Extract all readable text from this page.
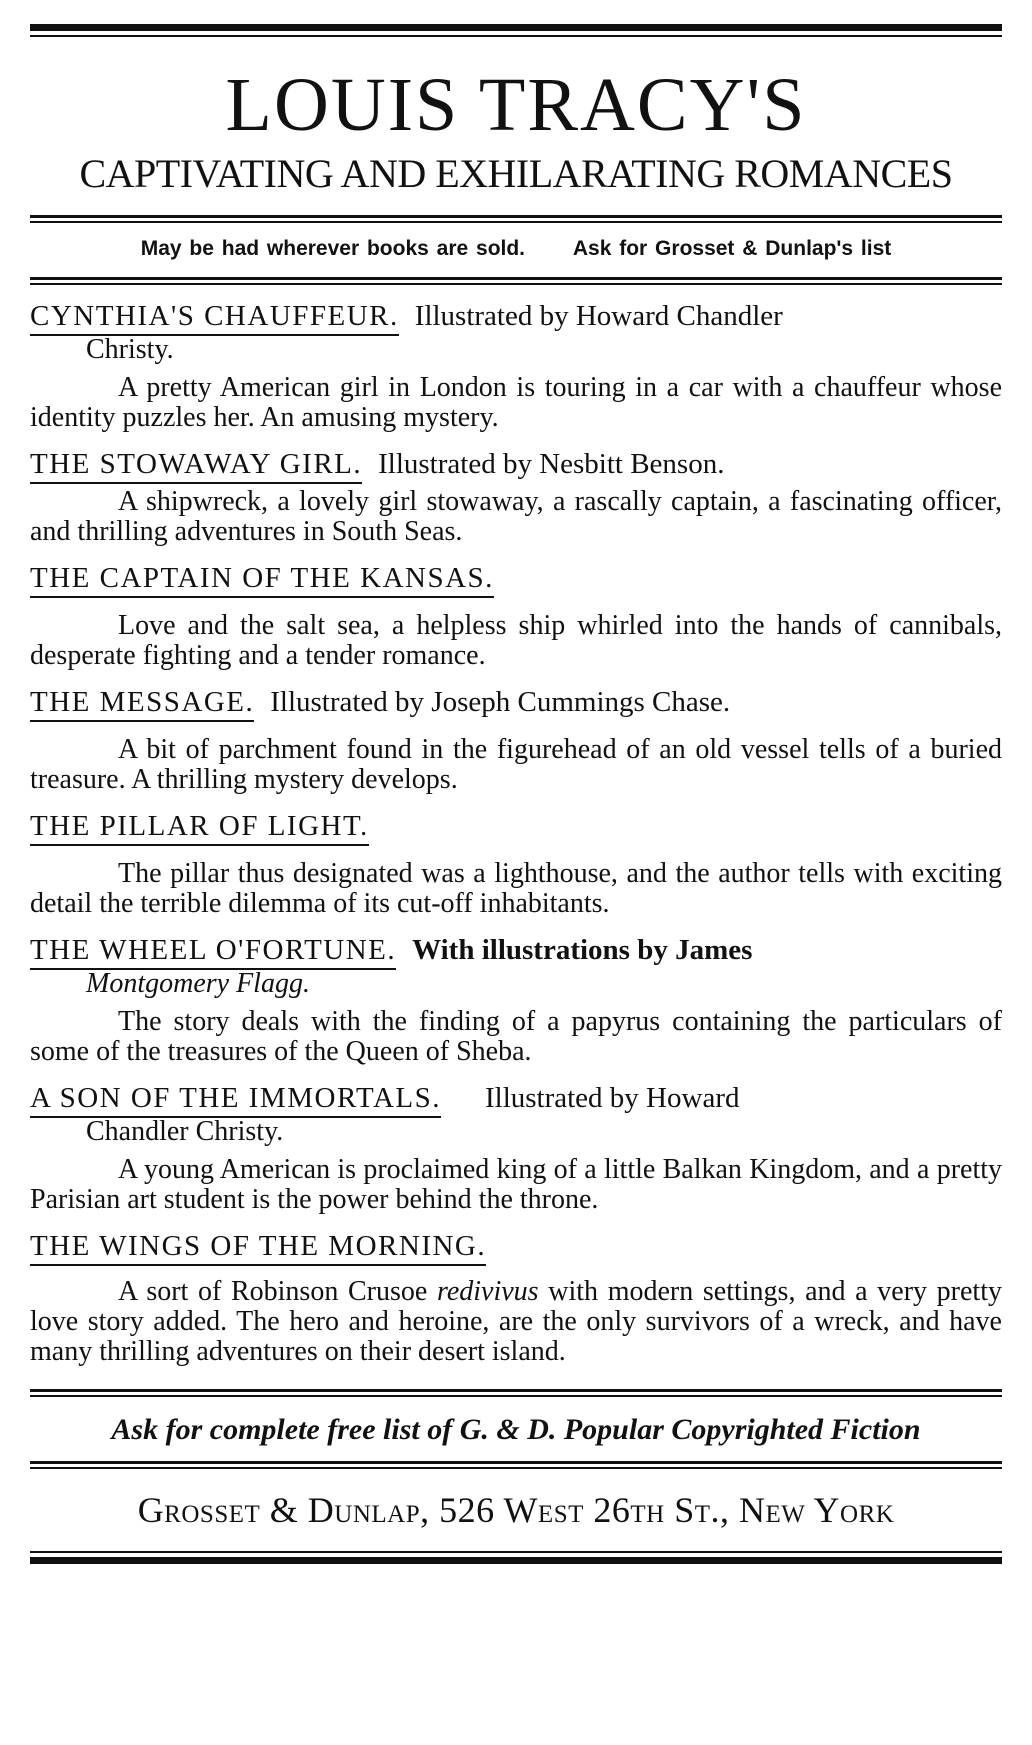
LOUIS TRACY'S
CAPTIVATING AND EXHILARATING ROMANCES
May be had wherever books are sold. Ask for Grosset & Dunlap's list
CYNTHIA'S CHAUFFEUR. Illustrated by Howard Chandler
Christy.
A pretty American girl in London is touring in a car with a chauffeur whose identity puzzles her. An amusing mystery.
THE STOWAWAY GIRL. Illustrated by Nesbitt Benson.
A shipwreck, a lovely girl stowaway, a rascally captain, a fascinating officer, and thrilling adventures in South Seas.
THE CAPTAIN OF THE KANSAS.
Love and the salt sea, a helpless ship whirled into the hands of cannibals, desperate fighting and a tender romance.
THE MESSAGE. Illustrated by Joseph Cummings Chase.
A bit of parchment found in the figurehead of an old vessel tells of a buried treasure. A thrilling mystery develops.
THE PILLAR OF LIGHT.
The pillar thus designated was a lighthouse, and the author tells with exciting detail the terrible dilemma of its cut-off inhabitants.
THE WHEEL O'FORTUNE. With illustrations by James
Montgomery Flagg.
The story deals with the finding of a papyrus containing the particulars of some of the treasures of the Queen of Sheba.
A SON OF THE IMMORTALS. Illustrated by Howard
Chandler Christy.
A young American is proclaimed king of a little Balkan Kingdom, and a pretty Parisian art student is the power behind the throne.
THE WINGS OF THE MORNING.
A sort of Robinson Crusoe redivivus with modern settings, and a very pretty love story added. The hero and heroine, are the only survivors of a wreck, and have many thrilling adventures on their desert island.
Ask for complete free list of G. & D. Popular Copyrighted Fiction
Grosset & Dunlap, 526 West 26th St., New York
